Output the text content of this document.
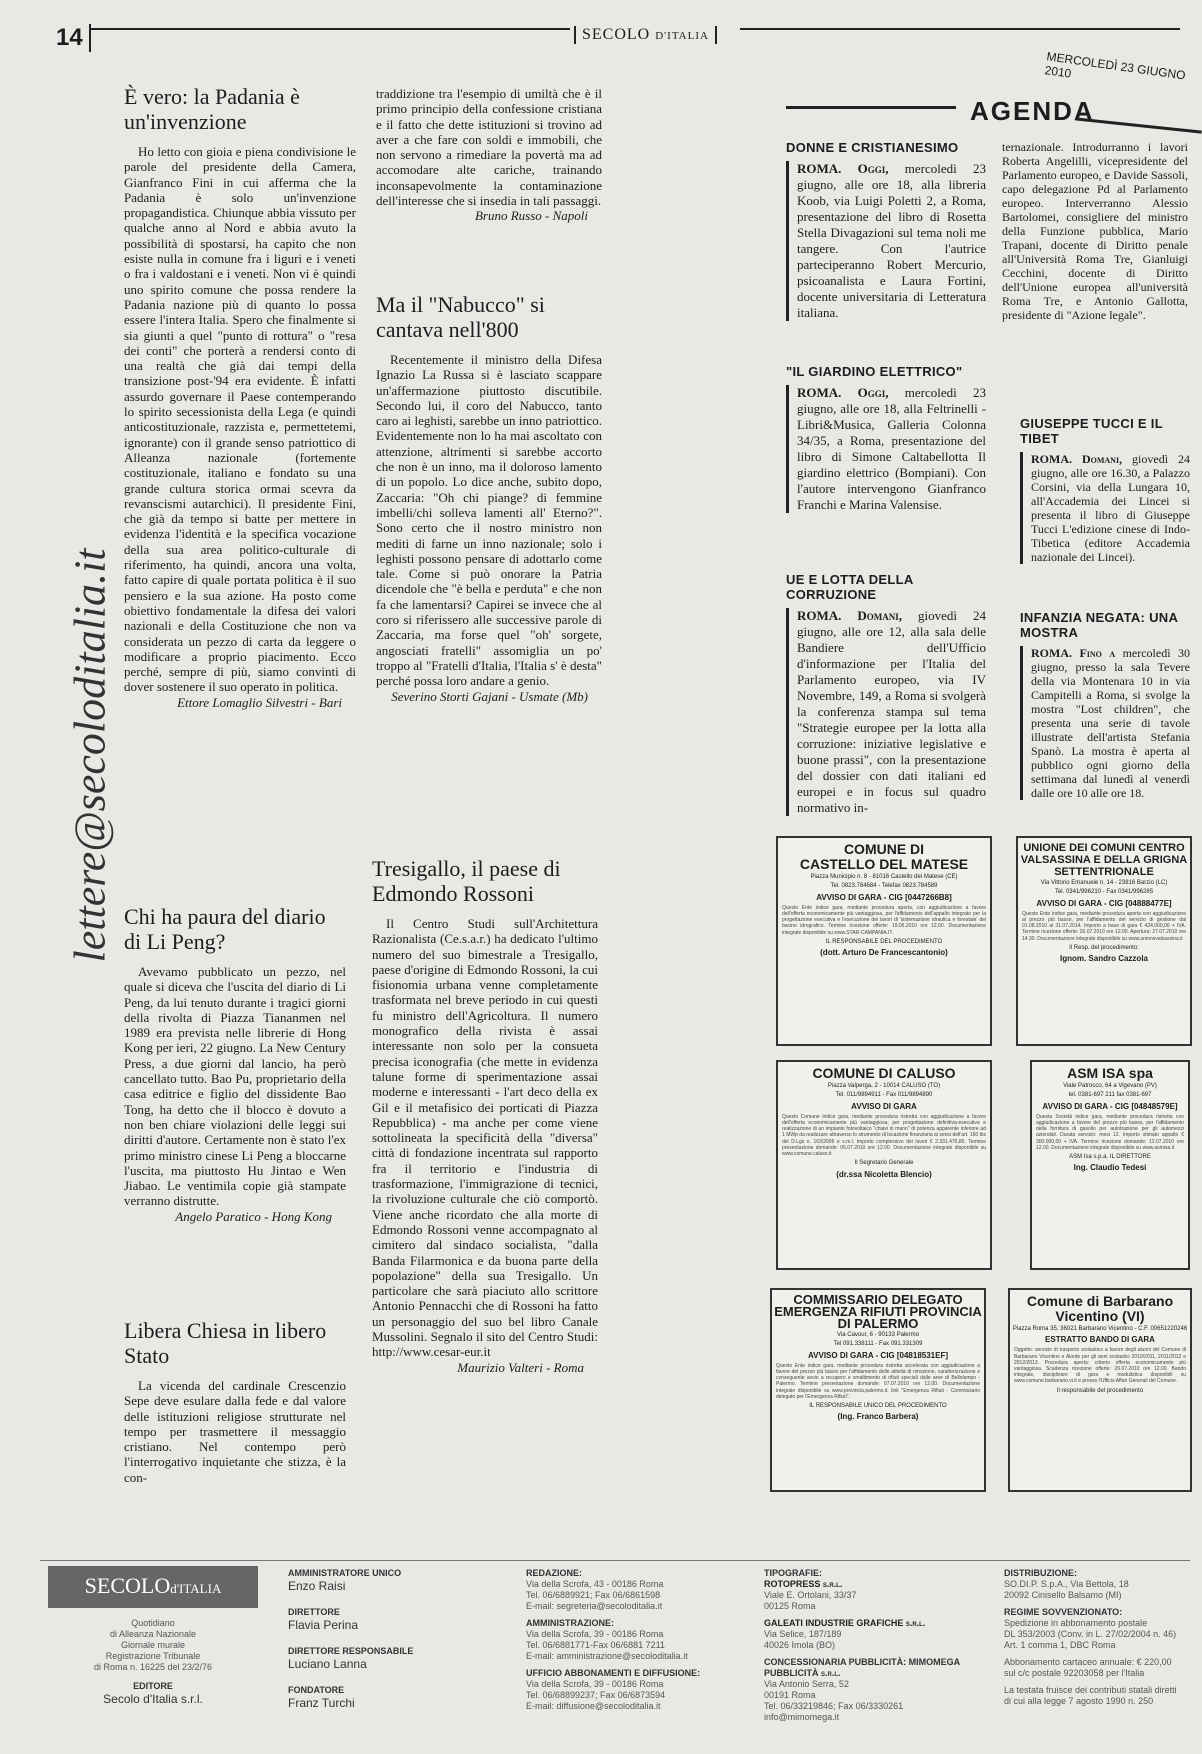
14	SECOLO D'ITALIA
MERCOLEDÌ 23 GIUGNO 2010
lettere@secoloditalia.it
È vero: la Padania è un'invenzione

Ho letto con gioia e piena condivisione le parole del presidente della Camera, Gianfranco Fini in cui afferma che la Padania è solo un'invenzione propagandistica. Chiunque abbia vissuto per qualche anno al Nord e abbia avuto la possibilità di spostarsi, ha capito che non esiste nulla in comune fra i liguri e i veneti o fra i valdostani e i veneti. Non vi è quindi uno spirito comune che possa rendere la Padania nazione più di quanto lo possa essere l'intera Italia. Spero che finalmente si sia giunti a quel "punto di rottura" o "resa dei conti" che porterà a rendersi conto di una realtà che già dai tempi della transizione post-'94 era evidente. È infatti assurdo governare il Paese contemperando lo spirito secessionista della Lega (e quindi anticostituzionale, razzista e, permettetemi, ignorante) con il grande senso patriottico di Alleanza nazionale (fortemente costituzionale, italiano e fondato su una grande cultura storica ormai scevra da revanscismi autarchici). Il presidente Fini, che già da tempo si batte per mettere in evidenza l'identità e la specifica vocazione della sua area politico-culturale di riferimento, ha quindi, ancora una volta, fatto capire di quale portata politica è il suo pensiero e la sua azione. Ha posto come obiettivo fondamentale la difesa dei valori nazionali e della Costituzione che non va considerata un pezzo di carta da leggere o modificare a proprio piacimento. Ecco perché, sempre di più, siamo convinti di dover sostenere il suo operato in politica.

Ettore Lomaglio Silvestri - Bari

Chi ha paura del diario di Li Peng?

Avevamo pubblicato un pezzo, nel quale si diceva che l'uscita del diario di Li Peng, da lui tenuto durante i tragici giorni della rivolta di Piazza Tiananmen nel 1989 era prevista nelle librerie di Hong Kong per ieri, 22 giugno. La New Century Press, a due giorni dal lancio, ha però cancellato tutto. Bao Pu, proprietario della casa editrice e figlio del dissidente Bao Tong, ha detto che il blocco è dovuto a non ben chiare violazioni delle leggi sui diritti d'autore. Certamente non è stato l'ex primo ministro cinese Li Peng a bloccarne l'uscita, ma piuttosto Hu Jintao e Wen Jiabao. Le ventimila copie già stampate verranno distrutte.

Angelo Paratico - Hong Kong

Libera Chiesa in libero Stato

La vicenda del cardinale Crescenzio Sepe deve esulare dalla fede e dal valore delle istituzioni religiose strutturate nel tempo per trasmettere il messaggio cristiano. Nel contempo però l'interrogativo inquietante che stizza, è la con-

traddizione tra l'esempio di umiltà che è il primo principio della confessione cristiana e il fatto che dette istituzioni si trovino ad aver a che fare con soldi e immobili, che non servono a rimediare la povertà ma ad accomodare alte cariche, trainando inconsapevolmente la contaminazione dell'interesse che si insedia in tali passaggi.

Bruno Russo - Napoli

Ma il "Nabucco" si cantava nell'800

Recentemente il ministro della Difesa Ignazio La Russa si è lasciato scappare un'affermazione piuttosto discutibile. Secondo lui, il coro del Nabucco, tanto caro ai leghisti, sarebbe un inno patriottico. Evidentemente non lo ha mai ascoltato con attenzione, altrimenti si sarebbe accorto che non è un inno, ma il doloroso lamento di un popolo. Lo dice anche, subito dopo, Zaccaria: "Oh chi piange? di femmine imbelli/chi solleva lamenti all' Eterno?". Sono certo che il nostro ministro non mediti di farne un inno nazionale; solo i leghisti possono pensare di adottarlo come tale. Come si può onorare la Patria dicendole che "è bella e perduta" e che non fa che lamentarsi? Capirei se invece che al coro si riferissero alle successive parole di Zaccaria, ma forse quel "oh' sorgete, angosciati fratelli" assomiglia un po' troppo al "Fratelli d'Italia, l'Italia s' è desta" perché possa loro andare a genio.

Severino Storti Gajani - Usmate (Mb)

Tresigallo, il paese di Edmondo Rossoni

Il Centro Studi sull'Architettura Razionalista (Ce.s.a.r.) ha dedicato l'ultimo numero del suo bimestrale a Tresigallo, paese d'origine di Edmondo Rossoni, la cui fisionomia urbana venne completamente trasformata nel breve periodo in cui questi fu ministro dell'Agricoltura. Il numero monografico della rivista è assai interessante non solo per la consueta precisa iconografia (che mette in evidenza talune forme di sperimentazione assai moderne e interessanti - l'art deco della ex Gil e il metafisico dei porticati di Piazza Repubblica) - ma anche per come viene sottolineata la specificità della "diversa" città di fondazione incentrata sul rapporto fra il territorio e l'industria di trasformazione, l'immigrazione di tecnici, la rivoluzione culturale che ciò comportò. Viene anche ricordato che alla morte di Edmondo Rossoni venne accompagnato al cimitero dal sindaco socialista, "dalla Banda Filarmonica e da buona parte della popolazione" della sua Tresigallo. Un particolare che sarà piaciuto allo scrittore Antonio Pennacchi che di Rossoni ha fatto un personaggio del suo bel libro Canale Mussolini. Segnalo il sito del Centro Studi: http://www.cesar-eur.it

Maurizio Valteri - Roma

AGENDA
DONNE E CRISTIANESIMO
ROMA. Oggi, mercoledì 23 giugno, alle ore 18, alla libreria Koob, via Luigi Poletti 2, a Roma, presentazione del libro di Rosetta Stella Divagazioni sul tema noli me tangere. Con l'autrice parteciperanno Robert Mercurio, psicoanalista e Laura Fortini, docente universitaria di Letteratura italiana.
"IL GIARDINO ELETTRICO"
ROMA. Oggi, mercoledì 23 giugno, alle ore 18, alla Feltrinelli - Libri&Musica, Galleria Colonna 34/35, a Roma, presentazione del libro di Simone Caltabellotta Il giardino elettrico (Bompiani). Con l'autore intervengono Gianfranco Franchi e Marina Valensise.
UE E LOTTA DELLA CORRUZIONE
ROMA. Domani, giovedì 24 giugno, alle ore 12, alla sala delle Bandiere dell'Ufficio d'informazione per l'Italia del Parlamento europeo, via IV Novembre, 149, a Roma si svolgerà la conferenza stampa sul tema "Strategie europee per la lotta alla corruzione: iniziative legislative e buone prassi", con la presentazione del dossier con dati italiani ed europei e in focus sul quadro normativo in-
ternazionale. Introdurranno i lavori Roberta Angelilli, vicepresidente del Parlamento europeo, e Davide Sassoli, capo delegazione Pd al Parlamento europeo. Interverranno Alessio Bartolomei, consigliere del ministro della Funzione pubblica, Mario Trapani, docente di Diritto penale all'Università Roma Tre, Gianluigi Cecchini, docente di Diritto dell'Unione europea all'università Roma Tre, e Antonio Gallotta, presidente di "Azione legale".
GIUSEPPE TUCCI E IL TIBET
ROMA. Domani, giovedì 24 giugno, alle ore 16.30, a Palazzo Corsini, via della Lungara 10, all'Accademia dei Lincei si presenta il libro di Giuseppe Tucci L'edizione cinese di Indo-Tibetica (editore Accademia nazionale dei Lincei).
INFANZIA NEGATA: UNA MOSTRA
ROMA. Fino a mercoledì 30 giugno, presso la sala Tevere della via Montenara 10 in via Campitelli a Roma, si svolge la mostra "Lost children", che presenta una serie di tavole illustrate dell'artista Stefania Spanò. La mostra è aperta al pubblico ogni giorno della settimana dal lunedì al venerdì dalle ore 10 alle ore 18.
COMUNE DI
CASTELLO DEL MATESE
Piazza Municipio n. 8 - 81016 Castello del Matese (CE)
Tel. 0823.784684 - Telefax 0823.784589
AVVISO DI GARA - CIG [0447266B8]
Questo Ente indice gara, mediante procedura aperta, con aggiudicazione a favore dell'offerta economicamente più vantaggiosa, per l'affidamento dell'appalto integrato per la progettazione esecutiva e l'esecuzione dei lavori di 'sistemazione idraulica e forestale' del bacino idrografico. Termine ricezione offerte: 19.06.2010 ore 12.00. Documentazione integrale disponibile su www.STAR-CAMPANIA.IT.
IL RESPONSABILE DEL PROCEDIMENTO
(dott. Arturo De Francescantonio)
UNIONE DEI COMUNI CENTRO
VALSASSINA E DELLA GRIGNA SETTENTRIONALE
Via Vittorio Emanuele n. 14 - 23816 Barzio (LC)
Tel. 0341/996210 - Fax 0341/996285
AVVISO DI GARA - CIG [04888477E]
Questo Ente indice gara, mediante procedura aperta con aggiudicazione al prezzo più basso, per l'affidamento del servizio di gestione dal 01.08.2010 al 31.07.2014. Importo a base di gara € 424.000,00 + IVA. Termine ricezione offerte: 26.07.2010 ore 12.00. Apertura: 27.07.2010 ore 14.30. Documentazione integrale disponibile su www.unionevalsassina.it
Il Resp. del procedimento:
Ignom. Sandro Cazzola
COMUNE DI CALUSO
Piazza Valperga, 2 - 10014 CALUSO (TO)
Tel. 011/9894911 - Fax 011/9894890
AVVISO DI GARA
Questo Comune indice gara, mediante procedura ristretta con aggiudicazione a favore dell'offerta economicamente più vantaggiosa, per progettazione definitiva-esecutiva e realizzazione di un impianto fotovoltaico "chiavi in mano" di potenza apparente inferiore ad 1 MWp da realizzare attraverso lo strumento di locazione finanziaria ai sensi dell'art. 160 bis del D.Lgs n. 163/2006 e s.m.i. Importo complessivo dei lavori € 2.331.476,80. Termine presentazione domande: 06.07.2010 ore 12.00. Documentazione integrale disponibile su www.comune.caluso.it
Il Segretario Generale
(dr.ssa Nicoletta Blencio)
ASM ISA spa
Viale Patrocco, 64 a Vigevano (PV)
tel. 0381-697 211 fax 0381-697
AVVISO DI GARA - CIG [04848579E]
Questa Società indice gara, mediante procedura ristretta con aggiudicazione a favore del prezzo più basso, per l'affidamento della fornitura di gasolio per autotrazione per gli automezzi aziendali. Durata servizio: mesi 12. Importo stimato appalto € 300.000,00 + IVA. Termine ricezione domande: 12.07.2010 ore 12.00. Documentazione integrale disponibile su www.asmisa.it
ASM Isa s.p.a. IL DIRETTORE
Ing. Claudio Tedesi
COMMISSARIO DELEGATO
EMERGENZA RIFIUTI PROVINCIA DI PALERMO
Via Cavour, 6 - 90133 Palermo
Tel 091.338111 - Fax 091.331309
AVVISO DI GARA - CIG [04818531EF]
Questo Ente indice gara, mediante procedura ristretta accelerata con aggiudicazione a favore del prezzo più basso per l'affidamento delle attività di rimozione, caratterizzazione e conseguente avvio a recupero e smaltimento di rifiuti speciali dalle aree di Bellolampo - Palermo. Termine presentazione domande: 07.07.2010 ore 12.00. Documentazione integrale disponibile su www.provincia.palermo.it, link "Emergenza Rifiuti - Commissario delegato per l'Emergenza Rifiuti".
IL RESPONSABILE UNICO DEL PROCEDIMENTO
(Ing. Franco Barbera)
Comune di Barbarano
Vicentino (VI)
Piazza Roma 35, 36021 Barbarano Vicentino - C.F. 00651220246
ESTRATTO BANDO DI GARA
Oggetto: servizio di trasporto scolastico a favore degli alunni del Comune di Barbarano Vicentino e Alonte per gli anni scolastici 2010/2011, 2011/2012 e 2012/2013. Procedura aperta: criterio offerta economicamente più vantaggiosa. Scadenza ricezione offerte: 26.07.2010 ore 12.00. Bando integrale, disciplinare di gara e modulistica disponibili su www.comune.barbarano.vi.it e presso l'Ufficio Affari Generali del Comune.
Il responsabile del procedimento
SECOLOd'ITALIA
Quotidiano
di Alleanza Nazionale
Giornale murale
Registrazione Tribunale
di Roma n. 16225 del 23/2/76
EDITORE
Secolo d'Italia s.r.l.
AMMINISTRATORE UNICO
Enzo Raisi
DIRETTORE
Flavia Perina
DIRETTORE RESPONSABILE
Luciano Lanna
FONDATORE
Franz Turchi
REDAZIONE:
Via della Scrofa, 43 - 00186 Roma
Tel. 06/6889921; Fax 06/6861598
E-mail: segreteria@secoloditalia.it
AMMINISTRAZIONE:
Via della Scrofa, 39 - 00186 Roma
Tel. 06/6881771-Fax 06/6881 7211
E-mail: amministrazione@secoloditalia.it
UFFICIO ABBONAMENTI E DIFFUSIONE:
Via della Scrofa, 39 - 00186 Roma
Tel. 06/68899237; Fax 06/6873594
E-mail: diffusione@secoloditalia.it
TIPOGRAFIE:
ROTOPRESS s.r.l.
Viale E. Ortolani, 33/37
00125 Roma
GALEATI INDUSTRIE GRAFICHE s.r.l.
Via Selice, 187/189
40026 Imola (BO)
CONCESSIONARIA PUBBLICITÀ: MIMOMEGA PUBBLICITÀ s.r.l.
Via Antonio Serra, 52
00191 Roma
Tel. 06/33219846; Fax 06/3330261
info@mimomega.it
DISTRIBUZIONE:
SO.DI.P. S.p.A., Via Bettola, 18
20092 Cinisello Balsamo (MI)
REGIME SOVVENZIONATO:
Spedizione in abbonamento postale
DL 353/2003 (Conv. in L. 27/02/2004 n. 46)
Art. 1 comma 1, DBC Roma
Abbonamento cartaceo annuale: € 220,00
sul c/c postale 92203058 per l'Italia
La testata fruisce dei contributi statali diretti
di cui alla legge 7 agosto 1990 n. 250
